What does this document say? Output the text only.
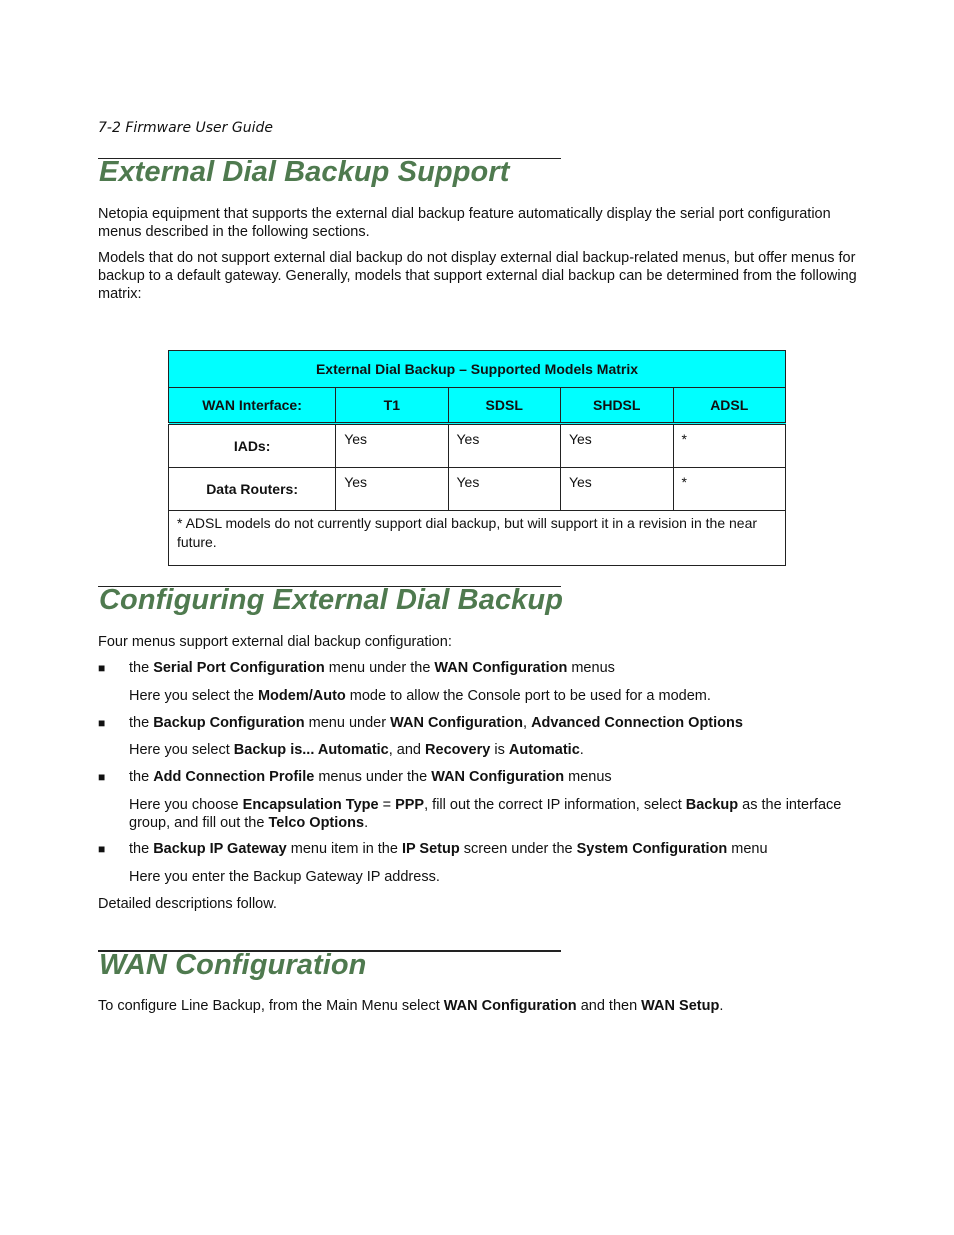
7-2 Firmware User Guide
External Dial Backup Support

Netopia equipment that supports the external dial backup feature automatically display the serial port configuration menus described in the following sections.

Models that do not support external dial backup do not display external dial backup-related menus, but offer menus for backup to a default gateway. Generally, models that support external dial backup can be determined from the following matrix:

External Dial Backup – Supported Models Matrix				
WAN Interface:	T1	SDSL	SHDSL	ADSL
IADs:	Yes	Yes	Yes	*
Data Routers:	Yes	Yes	Yes	*
* ADSL models do not currently support dial backup, but will support it in a revision in the near future.				
Configuring External Dial Backup

Four menus support external dial backup configuration:

■	the Serial Port Configuration menu under the WAN Configuration menus

Here you select the Modem/Auto mode to allow the Console port to be used for a modem.

■	the Backup Configuration menu under WAN Configuration, Advanced Connection Options

Here you select Backup is... Automatic, and Recovery is Automatic.

■	the Add Connection Profile menus under the WAN Configuration menus

Here you choose Encapsulation Type = PPP, fill out the correct IP information, select Backup as the interface group, and fill out the Telco Options.

■	the Backup IP Gateway menu item in the IP Setup screen under the System Configuration menu

Here you enter the Backup Gateway IP address.

Detailed descriptions follow.

WAN Configuration

To configure Line Backup, from the Main Menu select WAN Configuration and then WAN Setup.
